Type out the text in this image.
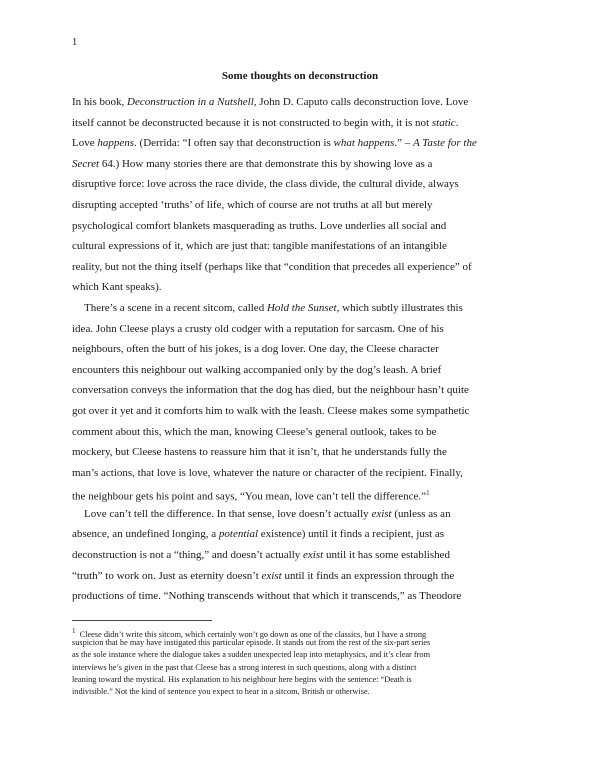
1
Some thoughts on deconstruction
In his book, Deconstruction in a Nutshell, John D. Caputo calls deconstruction love. Love
itself cannot be deconstructed because it is not constructed to begin with, it is not static.
Love happens. (Derrida: “I often say that deconstruction is what happens.” – A Taste for the
Secret 64.) How many stories there are that demonstrate this by showing love as a
disruptive force: love across the race divide, the class divide, the cultural divide, always
disrupting accepted ‘truths’ of life, which of course are not truths at all but merely
psychological comfort blankets masquerading as truths. Love underlies all social and
cultural expressions of it, which are just that: tangible manifestations of an intangible
reality, but not the thing itself (perhaps like that “condition that precedes all experience” of
which Kant speaks).
There’s a scene in a recent sitcom, called Hold the Sunset, which subtly illustrates this
idea. John Cleese plays a crusty old codger with a reputation for sarcasm. One of his
neighbours, often the butt of his jokes, is a dog lover. One day, the Cleese character
encounters this neighbour out walking accompanied only by the dog’s leash. A brief
conversation conveys the information that the dog has died, but the neighbour hasn’t quite
got over it yet and it comforts him to walk with the leash. Cleese makes some sympathetic
comment about this, which the man, knowing Cleese’s general outlook, takes to be
mockery, but Cleese hastens to reassure him that it isn’t, that he understands fully the
man’s actions, that love is love, whatever the nature or character of the recipient. Finally,
the neighbour gets his point and says, “You mean, love can’t tell the difference.”$^1$
Love can’t tell the difference. In that sense, love doesn’t actually exist (unless as an
absence, an undefined longing, a potential existence) until it finds a recipient, just as
deconstruction is not a “thing,” and doesn’t actually exist until it has some established
“truth” to work on. Just as eternity doesn’t exist until it finds an expression through the
productions of time. “Nothing transcends without that which it transcends,” as Theodore
$^1$ Cleese didn’t write this sitcom, which certainly won’t go down as one of the classics, but I have a strong
suspicion that he may have instigated this particular episode. It stands out from the rest of the six-part series
as the sole instance where the dialogue takes a sudden unexpected leap into metaphysics, and it’s clear from
interviews he’s given in the past that Cleese has a strong interest in such questions, along with a distinct
leaning toward the mystical. His explanation to his neighbour here begins with the sentence: “Death is
indivisible.” Not the kind of sentence you expect to hear in a sitcom, British or otherwise.
